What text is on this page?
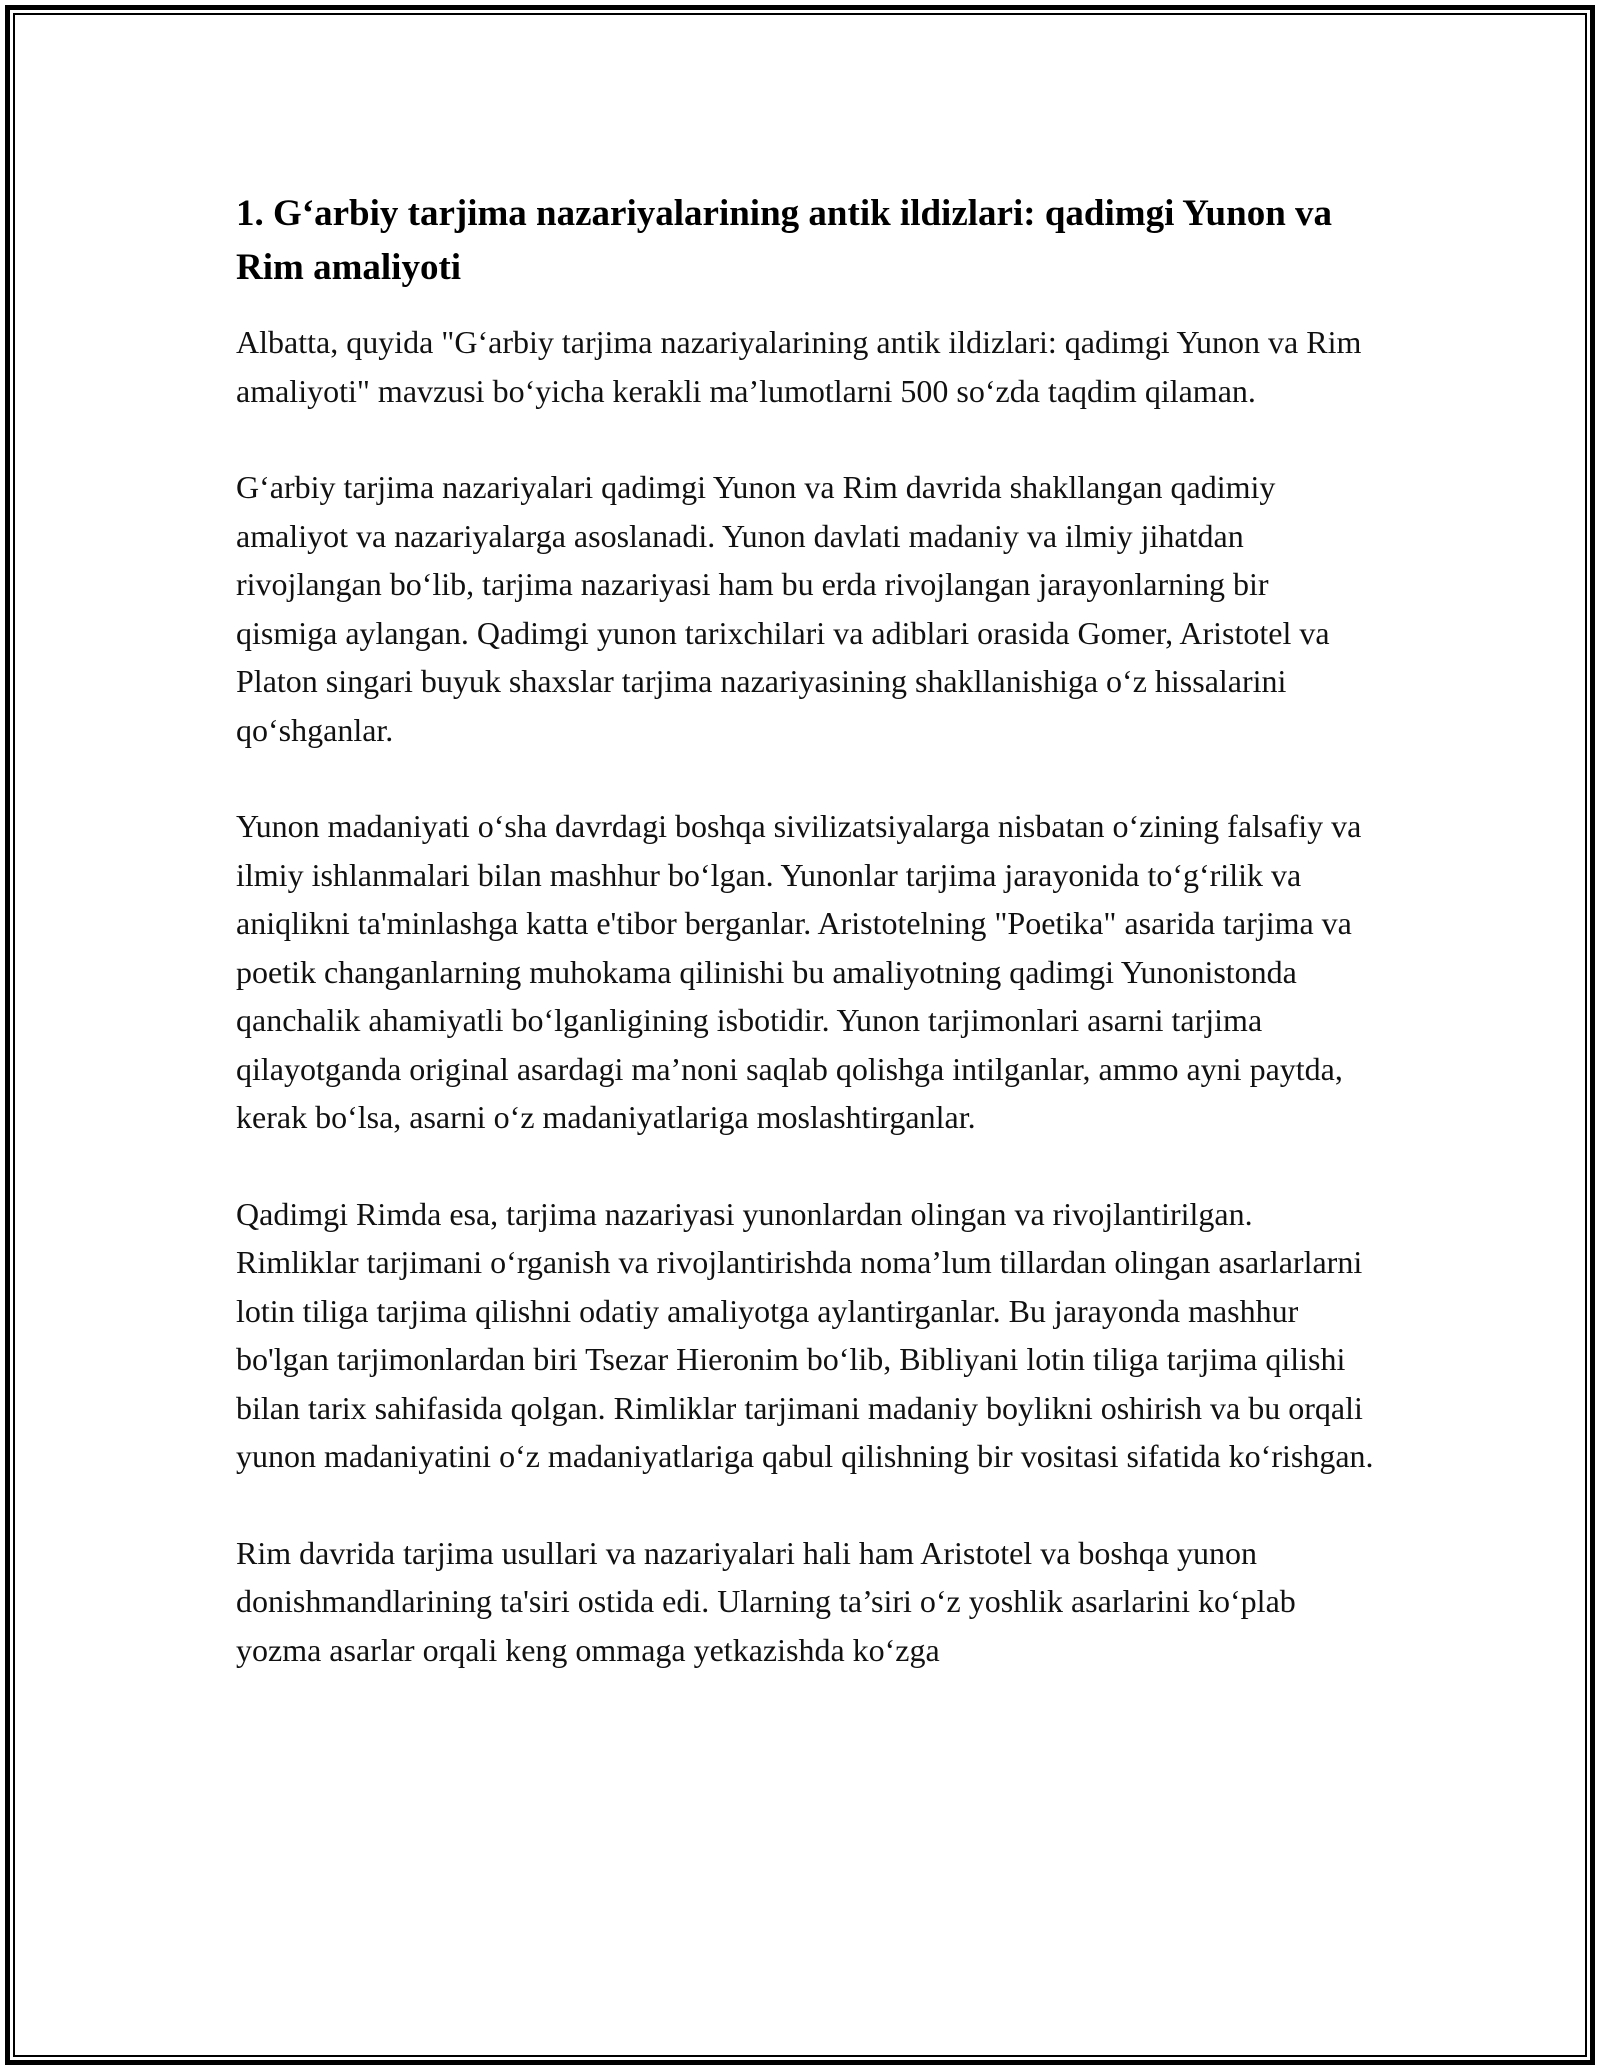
1. G‘arbiy tarjima nazariyalarining antik ildizlari: qadimgi Yunon va Rim amaliyoti

Albatta, quyida "G‘arbiy tarjima nazariyalarining antik ildizlari: qadimgi Yunon va Rim amaliyoti" mavzusi bo‘yicha kerakli ma’lumotlarni 500 so‘zda taqdim qilaman.

G‘arbiy tarjima nazariyalari qadimgi Yunon va Rim davrida shakllangan qadimiy amaliyot va nazariyalarga asoslanadi. Yunon davlati madaniy va ilmiy jihatdan rivojlangan bo‘lib, tarjima nazariyasi ham bu erda rivojlangan jarayonlarning bir qismiga aylangan. Qadimgi yunon tarixchilari va adiblari orasida Gomer, Aristotel va Platon singari buyuk shaxslar tarjima nazariyasining shakllanishiga o‘z hissalarini qo‘shganlar.

Yunon madaniyati o‘sha davrdagi boshqa sivilizatsiyalarga nisbatan o‘zining falsafiy va ilmiy ishlanmalari bilan mashhur bo‘lgan. Yunonlar tarjima jarayonida to‘g‘rilik va aniqlikni ta'minlashga katta e'tibor berganlar. Aristotelning "Poetika" asarida tarjima va poetik changanlarning muhokama qilinishi bu amaliyotning qadimgi Yunonistonda qanchalik ahamiyatli bo‘lganligining isbotidir. Yunon tarjimonlari asarni tarjima qilayotganda original asardagi ma’noni saqlab qolishga intilganlar, ammo ayni paytda, kerak bo‘lsa, asarni o‘z madaniyatlariga moslashtirganlar.

Qadimgi Rimda esa, tarjima nazariyasi yunonlardan olingan va rivojlantirilgan. Rimliklar tarjimani o‘rganish va rivojlantirishda noma’lum tillardan olingan asarlarlarni lotin tiliga tarjima qilishni odatiy amaliyotga aylantirganlar. Bu jarayonda mashhur bo'lgan tarjimonlardan biri Tsezar Hieronim bo‘lib, Bibliyani lotin tiliga tarjima qilishi bilan tarix sahifasida qolgan. Rimliklar tarjimani madaniy boylikni oshirish va bu orqali yunon madaniyatini o‘z madaniyatlariga qabul qilishning bir vositasi sifatida ko‘rishgan.

Rim davrida tarjima usullari va nazariyalari hali ham Aristotel va boshqa yunon donishmandlarining ta'siri ostida edi. Ularning ta’siri o‘z yoshlik asarlarini ko‘plab yozma asarlar orqali keng ommaga yetkazishda ko‘zga
